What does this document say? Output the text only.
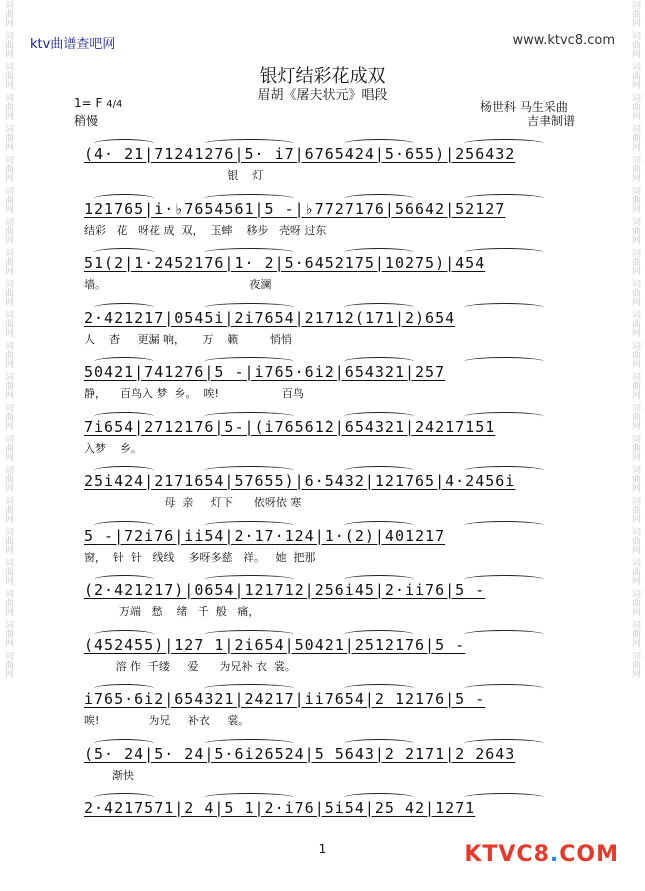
词曲网
词曲网
词曲网
词曲网
词曲网
词曲网
词曲网
词曲网
词曲网
词曲网
词曲网
词曲网
词曲网
词曲网
词曲网
词曲网
词曲网
词曲网
词曲网
词曲网
词曲网
词曲网
词曲网
词曲网
词曲网
词曲网
词曲网
词曲网
词曲网
词曲网
词曲网
词曲网
词曲网
词曲网
词曲网
词曲网
词曲网
词曲网
词曲网
词曲网
词曲网
词曲网
词曲网
词曲网
ktv曲谱查吧网	www.ktvc8.com
银灯结彩花成双
眉胡《屠夫状元》唱段
1= F 4/4
稍慢
杨世科 马生采曲
吉聿制谱
(4· 21|71241276|5· i7|6765424|5·655)|256432
银    灯
121765|i·♭7654561|5 -|♭7727176|56642|52127
结彩   花   呀花 成  双，  玉蟀    移步   壳呀 过东
51(2|1·2452176|1· 2|5·6452175|10275)|454
墙。                                         夜澜
2·421217|0545i|2i7654|21712(171|2)654
人    杳     更漏 响，     万    籁         悄悄
50421|741276|5 -|i765·6i2|654321|257
静，    百鸟入 梦  乡。  唉!                  百鸟
7i654|2712176|5-|(i76561̇2|654321|24217151
入梦    乡。
25i424|2171654|57655)|6·5432|121765|4·2456i
母  亲     灯下      依呀依 寒
5 -|72i76|ii54|2·17·124|1·(2)|401217
窗，  针  针   线线    多呀多慈   祥。   她  把那
(2·421217)|0654|121712|256i45|2·ii76|5 -
万端   愁    绪   千  般   痛，
(452455)|127 1|2i654|50421|2512176|5 -
溶 作  千缕     爱      为兄补 衣  裳。
i765·6i2|654321|24217|ii7654|2 12176|5 -
唉!              为兄     补衣     裳。
(5· 24|5· 24|5·6i26524|5 5643|2 2171|2 2643
渐快
2·4217571|2 4|5 1|2·i76|5i54|25 42|1271
1	KTVC8.COM
